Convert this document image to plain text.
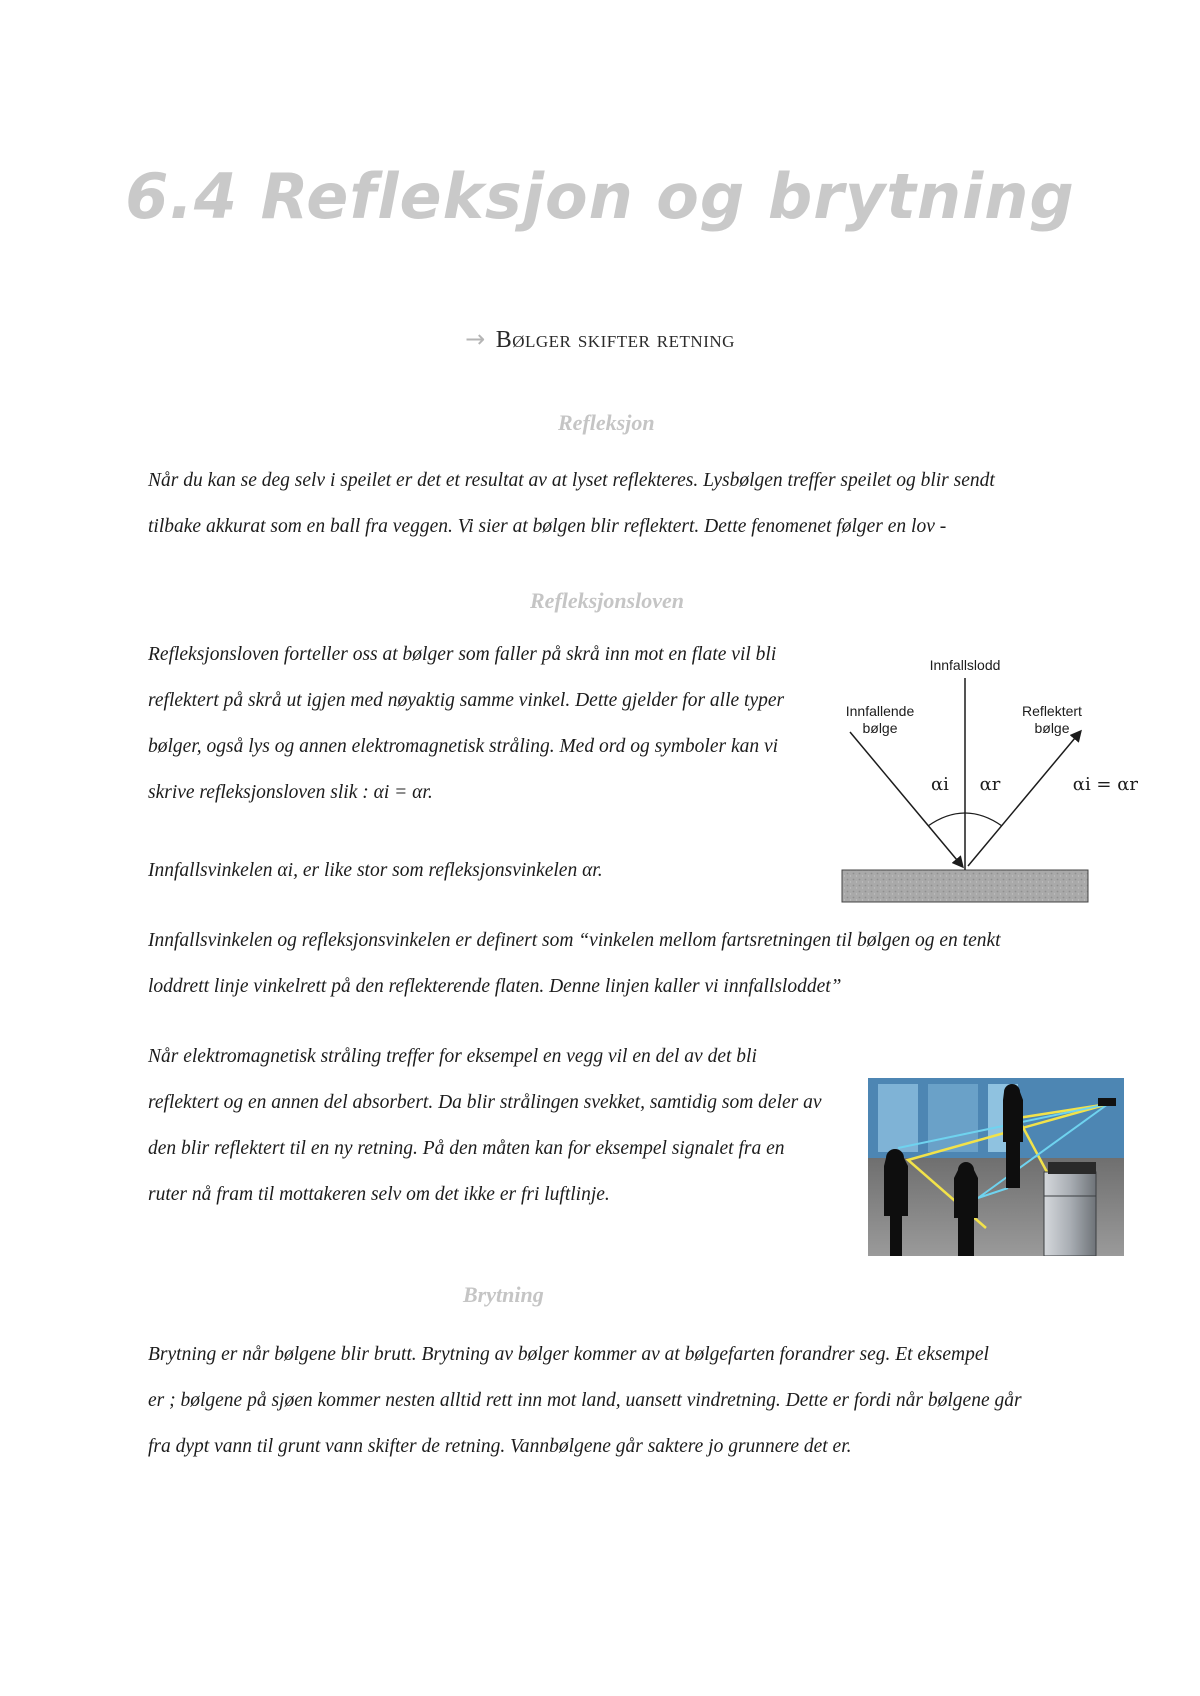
6.4 Refleksjon og brytning
→ Bølger skifter retning
Refleksjon
Når du kan se deg selv i speilet er det et resultat av at lyset reflekteres. Lysbølgen treffer speilet og blir sendt
tilbake akkurat som en ball fra veggen. Vi sier at bølgen blir reflektert. Dette fenomenet følger en lov -
Refleksjonsloven
Refleksjonsloven forteller oss at bølger som faller på skrå inn mot en flate vil bli
reflektert på skrå ut igjen med nøyaktig samme vinkel. Dette gjelder for alle typer
bølger, også lys og annen elektromagnetisk stråling. Med ord og symboler kan vi
skrive refleksjonsloven slik : αi = αr.
Innfallsvinkelen αi, er like stor som refleksjonsvinkelen αr.
Innfallslodd
Innfallende
bølge
Reflektert
bølge
αi αr	αi = αr
Innfallsvinkelen og refleksjonsvinkelen er definert som “vinkelen mellom fartsretningen til bølgen og en tenkt
loddrett linje vinkelrett på den reflekterende flaten. Denne linjen kaller vi innfallsloddet”
Når elektromagnetisk stråling treffer for eksempel en vegg vil en del av det bli
reflektert og en annen del absorbert. Da blir strålingen svekket, samtidig som deler av
den blir reflektert til en ny retning. På den måten kan for eksempel signalet fra en
ruter nå fram til mottakeren selv om det ikke er fri luftlinje.
Brytning
Brytning er når bølgene blir brutt. Brytning av bølger kommer av at bølgefarten forandrer seg. Et eksempel
er ; bølgene på sjøen kommer nesten alltid rett inn mot land, uansett vindretning. Dette er fordi når bølgene går
fra dypt vann til grunt vann skifter de retning. Vannbølgene går saktere jo grunnere det er.
